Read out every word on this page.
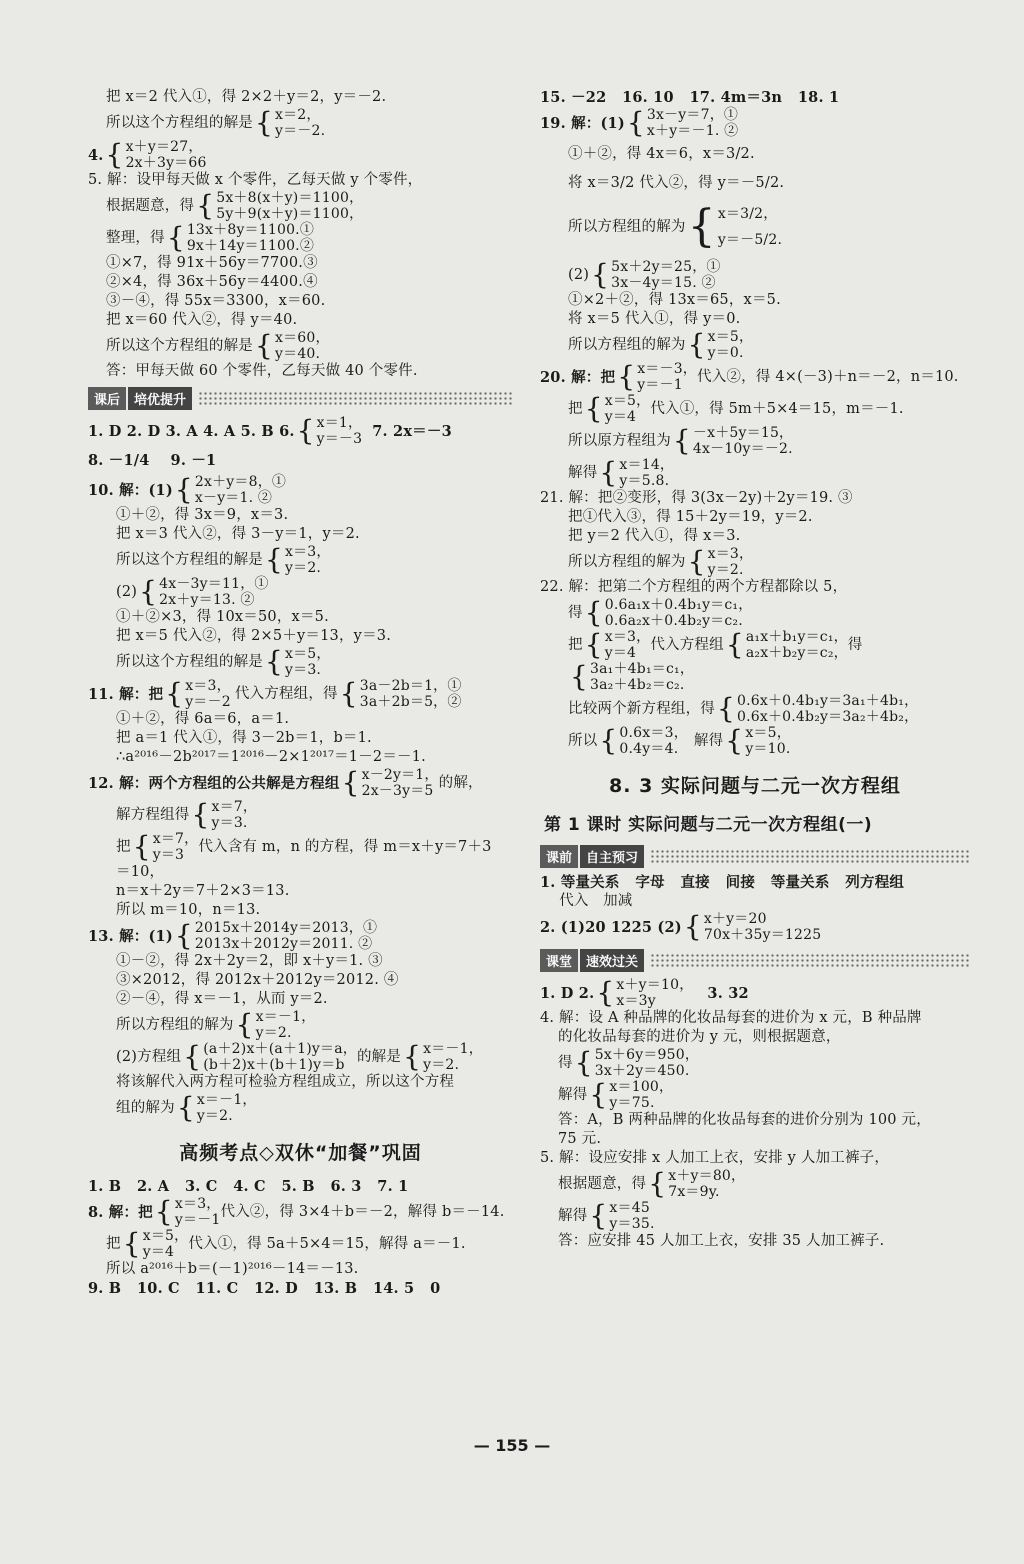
把 x＝2 代入①，得 2×2＋y＝2，y＝－2.
所以这个方程组的解是 { x＝2，
y＝－2.
4. { x＋y＝27，
2x＋3y＝66
5. 解：设甲每天做 x 个零件，乙每天做 y 个零件，
根据题意，得 { 5x＋8(x＋y)＝1100，
5y＋9(x＋y)＝1100，
整理，得 { 13x＋8y＝1100.①
9x＋14y＝1100.②
①×7，得 91x＋56y＝7700.③
②×4，得 36x＋56y＝4400.④
③－④，得 55x＝3300，x＝60.
把 x＝60 代入②，得 y＝40.
所以这个方程组的解是 { x＝60，
y＝40.
答：甲每天做 60 个零件，乙每天做 40 个零件.
课后	培优提升
1. D 2. D 3. A 4. A 5. B 6. { x＝1，
y＝－3 7. 2x＝－3
8. －1/4    9. －1
10. 解：(1) { 2x＋y＝8，①
x－y＝1. ②
①＋②，得 3x＝9，x＝3.
把 x＝3 代入②，得 3－y＝1，y＝2.
所以这个方程组的解是 { x＝3，
y＝2.
(2) { 4x－3y＝11，①
2x＋y＝13. ②
①＋②×3，得 10x＝50，x＝5.
把 x＝5 代入②，得 2×5＋y＝13，y＝3.
所以这个方程组的解是 { x＝5，
y＝3.
11. 解：把 { x＝3，
y＝－2
代入方程组，得 { 3a－2b＝1，①
3a＋2b＝5，②
①＋②，得 6a＝6，a＝1.
把 a＝1 代入①，得 3－2b＝1，b＝1.
∴a²⁰¹⁶－2b²⁰¹⁷＝1²⁰¹⁶－2×1²⁰¹⁷＝1－2＝－1.
12. 解：两个方程组的公共解是方程组 { x－2y＝1，
2x－3y＝5
的解，
解方程组得 { x＝7，
y＝3.
把 { x＝7，
y＝3
代入含有 m，n 的方程，得 m＝x＋y＝7＋3
＝10，
n＝x＋2y＝7＋2×3＝13.
所以 m＝10，n＝13.
13. 解：(1) { 2015x＋2014y＝2013，①
2013x＋2012y＝2011. ②
①－②，得 2x＋2y＝2，即 x＋y＝1. ③
③×2012，得 2012x＋2012y＝2012. ④
②－④，得 x＝－1，从而 y＝2.
所以方程组的解为 { x＝－1，
y＝2.
(2)方程组 { (a＋2)x＋(a＋1)y＝a，
(b＋2)x＋(b＋1)y＝b
的解是 { x＝－1，
y＝2.
将该解代入两方程可检验方程组成立，所以这个方程
组的解为 { x＝－1，
y＝2.
高频考点◇双休“加餐”巩固
1. B   2. A   3. C   4. C   5. B   6. 3   7. 1
8. 解：把 { x＝3，
y＝－1
代入②，得 3×4＋b＝－2，解得 b＝－14.
把 { x＝5，
y＝4
代入①，得 5a＋5×4＝15，解得 a＝－1.
所以 a²⁰¹⁶＋b＝(－1)²⁰¹⁶－14＝－13.
9. B   10. C   11. C   12. D   13. B   14. 5   0
15. －22   16. 10   17. 4m＝3n   18. 1
19. 解：(1) { 3x－y＝7，①
x＋y＝－1. ②
①＋②，得 4x＝6，x＝3/2.
将 x＝3/2 代入②，得 y＝－5/2.
所以方程组的解为 { x＝3/2，
y＝－5/2.
(2) { 5x＋2y＝25，①
3x－4y＝15. ②
①×2＋②，得 13x＝65，x＝5.
将 x＝5 代入①，得 y＝0.
所以方程组的解为 { x＝5，
y＝0.
20. 解：把 { x＝－3，
y＝－1
代入②，得 4×(－3)＋n＝－2，n＝10.
把 { x＝5，
y＝4
代入①，得 5m＋5×4＝15，m＝－1.
所以原方程组为 { －x＋5y＝15，
4x－10y＝－2.
解得 { x＝14，
y＝5.8.
21. 解：把②变形，得 3(3x－2y)＋2y＝19. ③
把①代入③，得 15＋2y＝19，y＝2.
把 y＝2 代入①，得 x＝3.
所以方程组的解为 { x＝3，
y＝2.
22. 解：把第二个方程组的两个方程都除以 5，
得 { 0.6a₁x＋0.4b₁y＝c₁，
0.6a₂x＋0.4b₂y＝c₂.
把 { x＝3，
y＝4
代入方程组 { a₁x＋b₁y＝c₁，
a₂x＋b₂y＝c₂，
得
{ 3a₁＋4b₁＝c₁，
3a₂＋4b₂＝c₂.
比较两个新方程组，得 { 0.6x＋0.4b₁y＝3a₁＋4b₁，
0.6x＋0.4b₂y＝3a₂＋4b₂，
所以 { 0.6x＝3，
0.4y＝4.
解得 { x＝5，
y＝10.
8. 3 实际问题与二元一次方程组
第 1 课时 实际问题与二元一次方程组(一)
课前	自主预习
1. 等量关系   字母   直接   间接   等量关系   列方程组
代入   加减
2. (1)20 1225 (2) { x＋y＝20
70x＋35y＝1225
课堂	速效过关
1. D 2. { x＋y＝10，
x＝3y	3. 32
4. 解：设 A 种品牌的化妆品每套的进价为 x 元，B 种品牌
的化妆品每套的进价为 y 元，则根据题意，
得 { 5x＋6y＝950，
3x＋2y＝450.
解得 { x＝100，
y＝75.
答：A，B 两种品牌的化妆品每套的进价分别为 100 元，
75 元.
5. 解：设应安排 x 人加工上衣，安排 y 人加工裤子，
根据题意，得 { x＋y＝80，
7x＝9y.
解得 { x＝45
y＝35.
答：应安排 45 人加工上衣，安排 35 人加工裤子.
— 155 —
